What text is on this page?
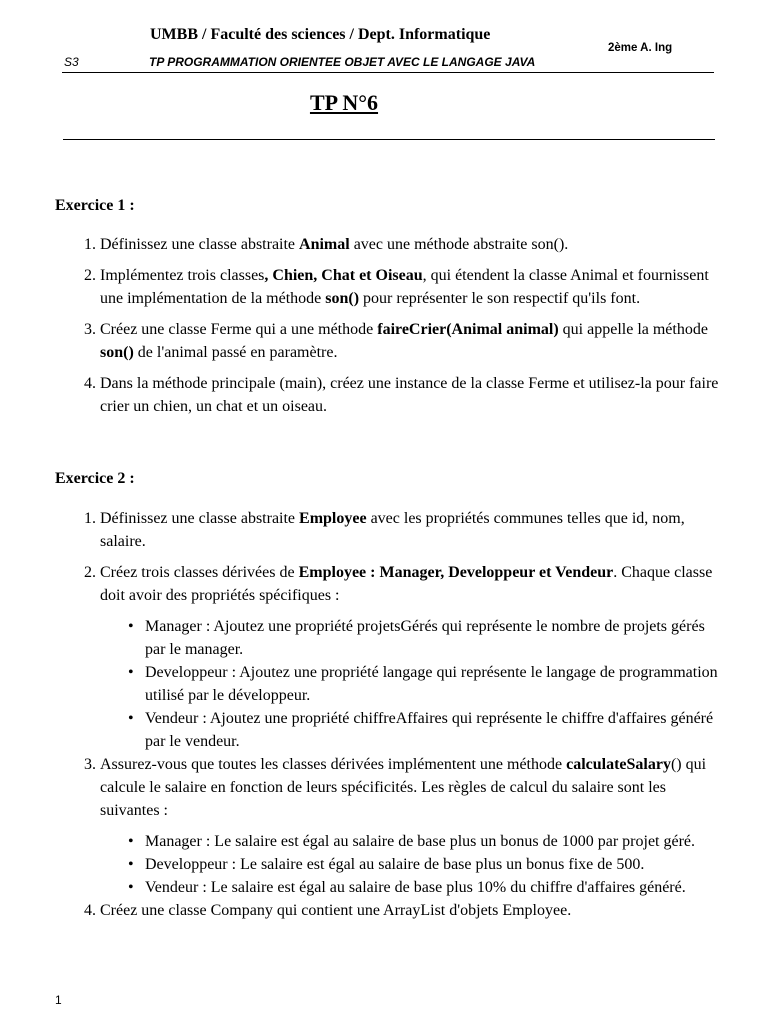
UMBB / Faculté des sciences / Dept. Informatique
2ème A. Ing
S3	TP PROGRAMMATION ORIENTEE OBJET AVEC LE LANGAGE JAVA
TP N°6
Exercice 1 :
1. Définissez une classe abstraite Animal avec une méthode abstraite son().
2. Implémentez trois classes, Chien, Chat et Oiseau, qui étendent la classe Animal et fournissent une implémentation de la méthode son() pour représenter le son respectif qu'ils font.
3. Créez une classe Ferme qui a une méthode faireCrier(Animal animal) qui appelle la méthode son() de l'animal passé en paramètre.
4. Dans la méthode principale (main), créez une instance de la classe Ferme et utilisez-la pour faire crier un chien, un chat et un oiseau.
Exercice 2 :
1. Définissez une classe abstraite Employee avec les propriétés communes telles que id, nom, salaire.
2. Créez trois classes dérivées de Employee : Manager, Developpeur et Vendeur. Chaque classe doit avoir des propriétés spécifiques :
• Manager : Ajoutez une propriété projetsGérés qui représente le nombre de projets gérés par le manager.
• Developpeur : Ajoutez une propriété langage qui représente le langage de programmation utilisé par le développeur.
• Vendeur : Ajoutez une propriété chiffreAffaires qui représente le chiffre d'affaires généré par le vendeur.
3. Assurez-vous que toutes les classes dérivées implémentent une méthode calculateSalary() qui calcule le salaire en fonction de leurs spécificités. Les règles de calcul du salaire sont les suivantes :
• Manager : Le salaire est égal au salaire de base plus un bonus de 1000 par projet géré.
• Developpeur : Le salaire est égal au salaire de base plus un bonus fixe de 500.
• Vendeur : Le salaire est égal au salaire de base plus 10% du chiffre d'affaires généré.
4. Créez une classe Company qui contient une ArrayList d'objets Employee.
1
